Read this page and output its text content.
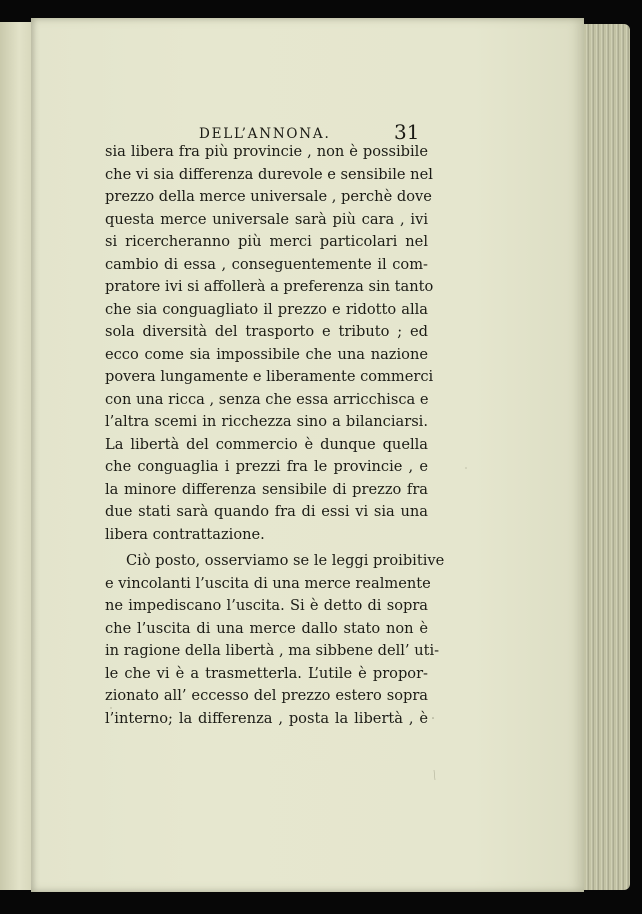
DELL’ANNONA.	31
sia libera fra più provincie , non è possibile
che vi sia differenza durevole e sensibile nel
prezzo della merce universale , perchè dove
questa merce universale sarà più cara , ivi
si ricercheranno più merci particolari nel
cambio di essa , conseguentemente il com-
pratore ivi si affollerà a preferenza sin tanto
che sia conguagliato il prezzo e ridotto alla
sola diversità del trasporto e tributo ; ed
ecco come sia impossibile che una nazione
povera lungamente e liberamente commerci
con una ricca , senza che essa arricchisca e
l’altra scemi in ricchezza sino a bilanciarsi.
La libertà del commercio è dunque quella
che conguaglia i prezzi fra le provincie , e
la minore differenza sensibile di prezzo fra
due stati sarà quando fra di essi vi sia una
libera contrattazione.
Ciò posto, osserviamo se le leggi proibitive
e vincolanti l’uscita di una merce realmente
ne impediscano l’uscita. Si è detto di sopra
che l’uscita di una merce dallo stato non è
in ragione della libertà , ma sibbene dell’ uti-
le che vi è a trasmetterla. L’utile è propor-
zionato all’ eccesso del prezzo estero sopra
l’interno; la differenza , posta la libertà , è
